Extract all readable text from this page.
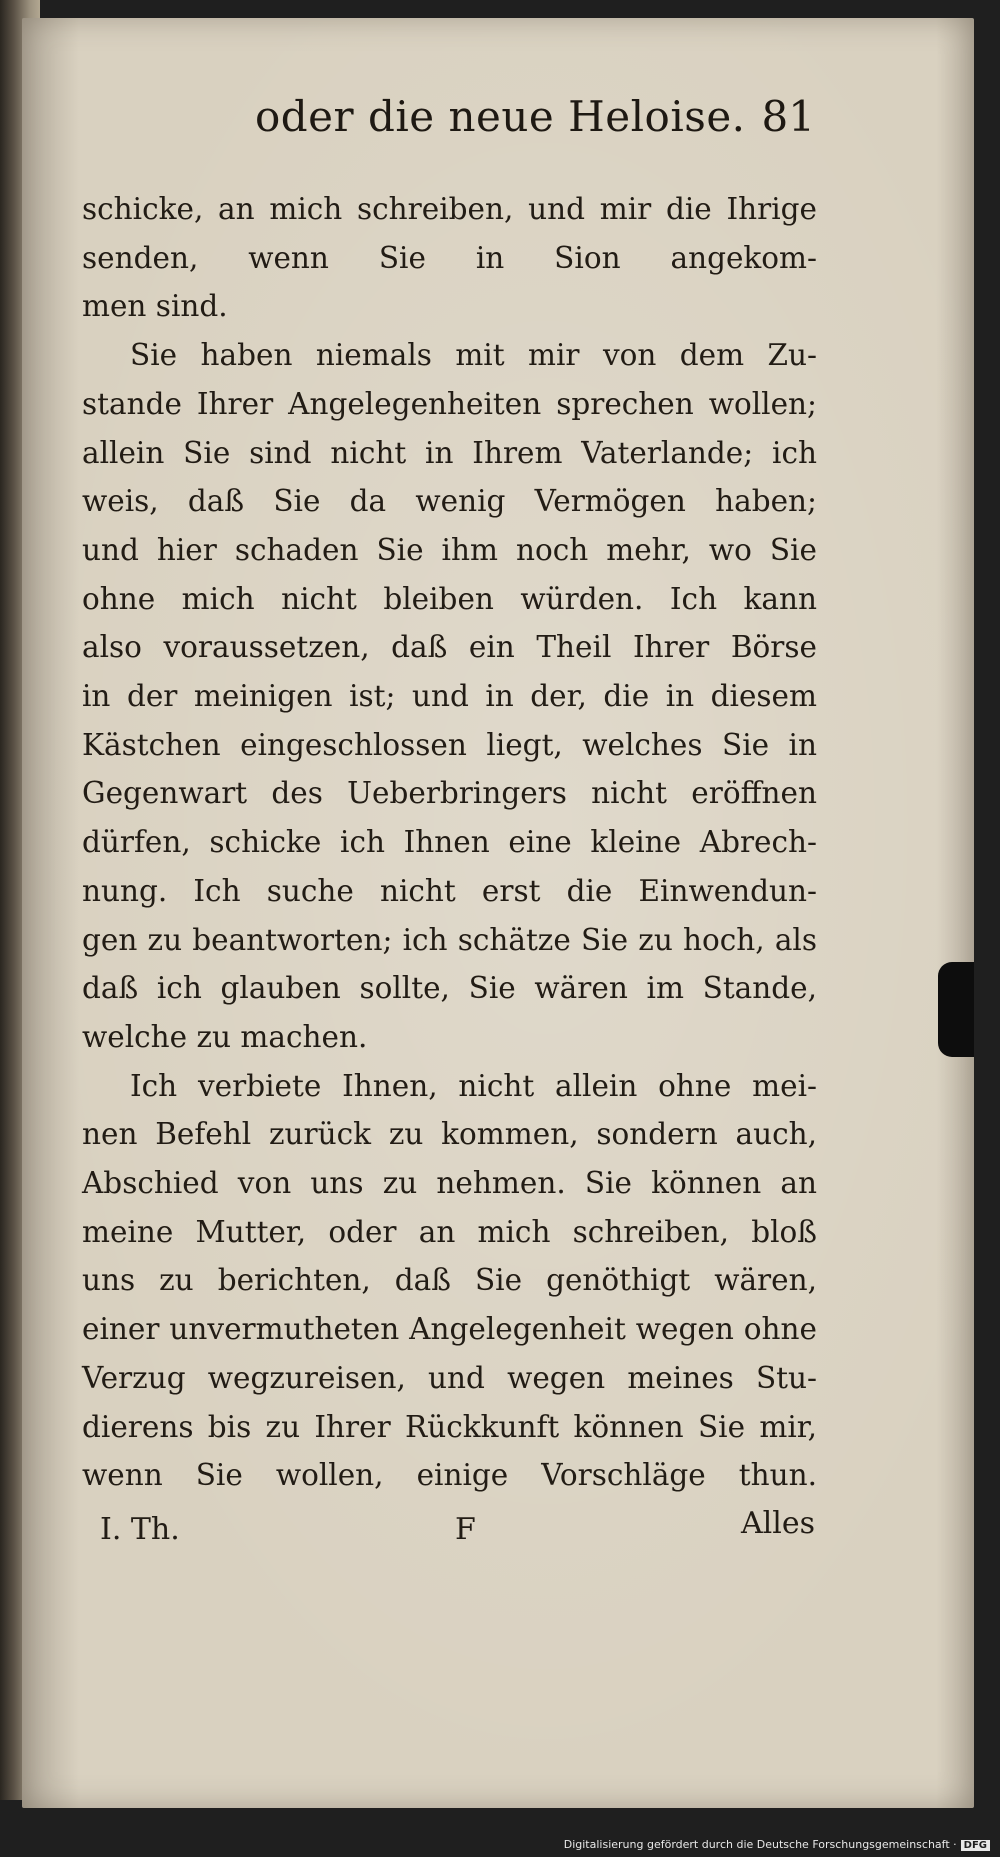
oder die neue Heloise. 81
schicke, an mich schreiben, und mir die Ihrige
senden, wenn Sie in Sion angekom-
men sind.
Sie haben niemals mit mir von dem Zu-
stande Ihrer Angelegenheiten sprechen wollen;
allein Sie sind nicht in Ihrem Vaterlande; ich
weis, daß Sie da wenig Vermögen haben;
und hier schaden Sie ihm noch mehr, wo Sie
ohne mich nicht bleiben würden. Ich kann
also voraussetzen, daß ein Theil Ihrer Börse
in der meinigen ist; und in der, die in diesem
Kästchen eingeschlossen liegt, welches Sie in
Gegenwart des Ueberbringers nicht eröffnen
dürfen, schicke ich Ihnen eine kleine Abrech-
nung. Ich suche nicht erst die Einwendun-
gen zu beantworten; ich schätze Sie zu hoch, als
daß ich glauben sollte, Sie wären im Stande,
welche zu machen.
Ich verbiete Ihnen, nicht allein ohne mei-
nen Befehl zurück zu kommen, sondern auch,
Abschied von uns zu nehmen. Sie können an
meine Mutter, oder an mich schreiben, bloß
uns zu berichten, daß Sie genöthigt wären,
einer unvermutheten Angelegenheit wegen ohne
Verzug wegzureisen, und wegen meines Stu-
dierens bis zu Ihrer Rückkunft können Sie mir,
wenn Sie wollen, einige Vorschläge thun.
I. Th.	F	Alles
Digitalisierung gefördert durch die Deutsche Forschungsgemeinschaft · DFG
